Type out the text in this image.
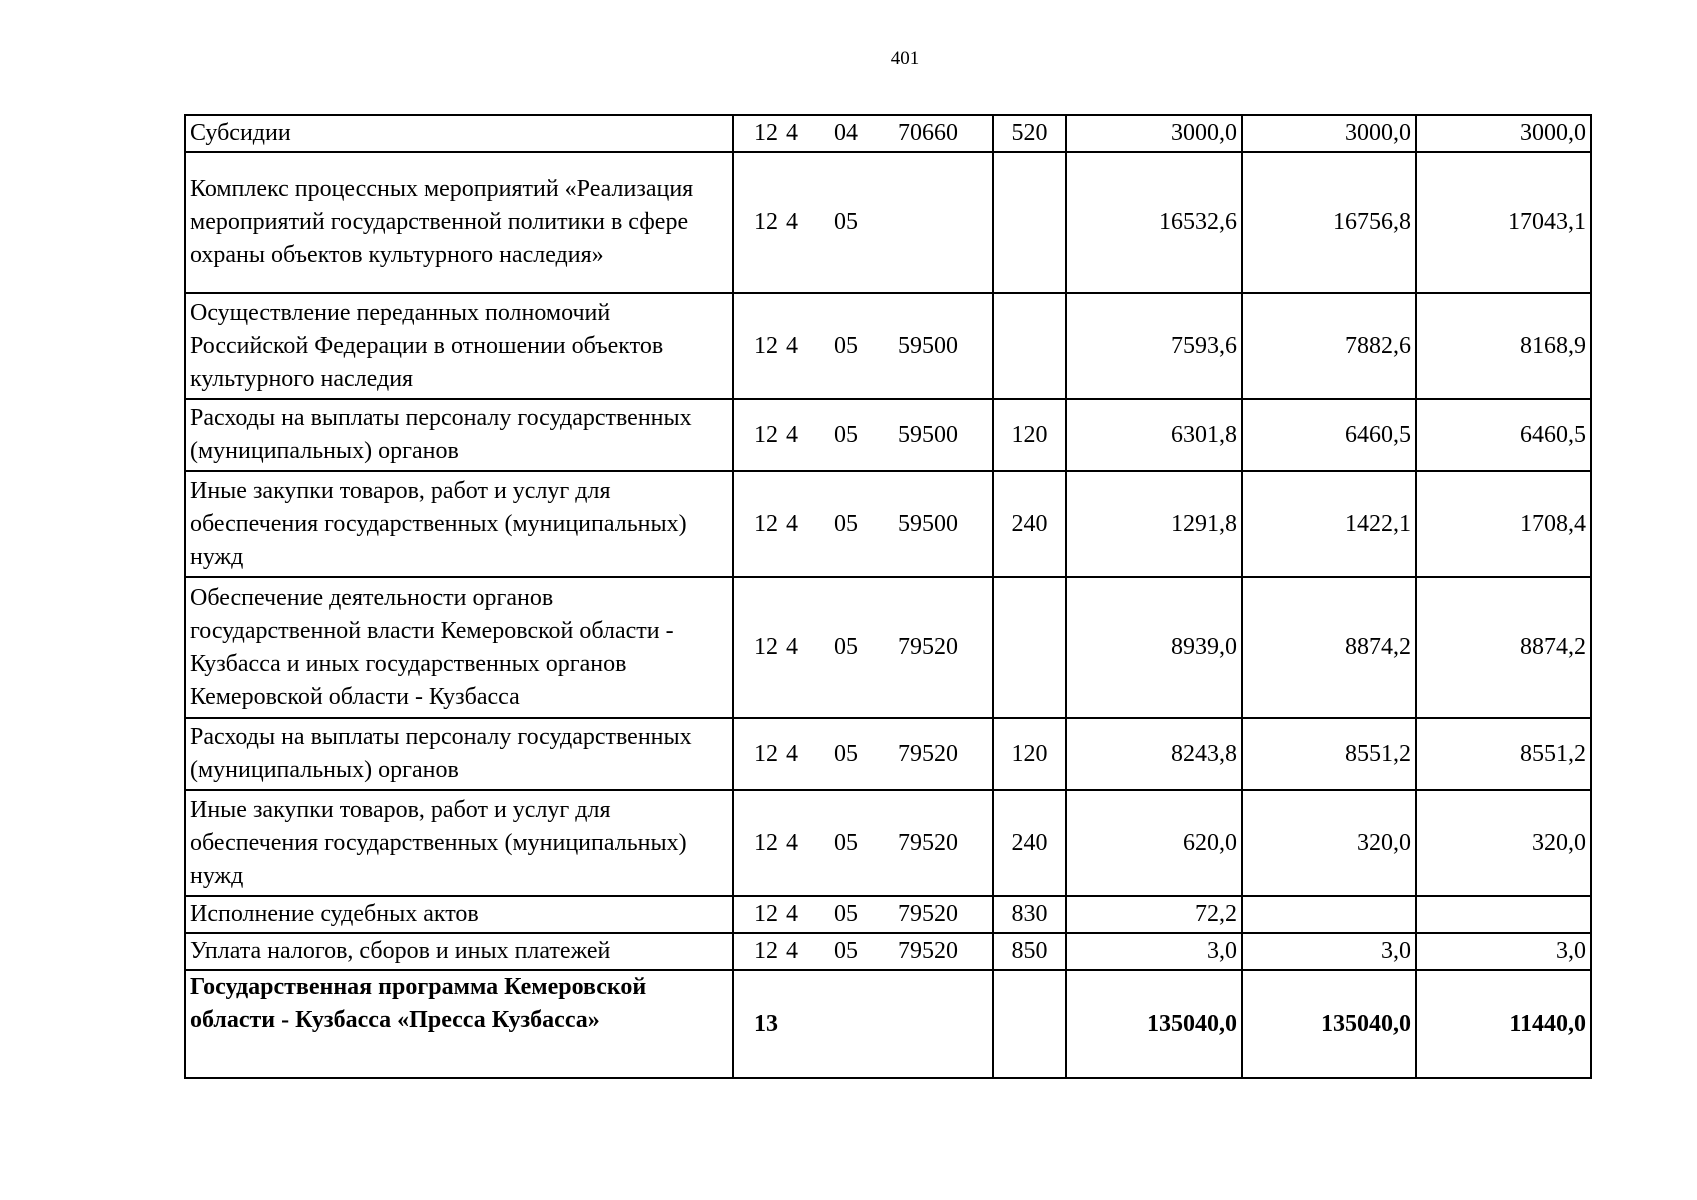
401
Субсидии	12 4 04 70660	520	3000,0	3000,0	3000,0
Комплекс процессных мероприятий «Реализация мероприятий государственной политики в сфере охраны объектов культурного наследия»	12 4 05		16532,6	16756,8	17043,1
Осуществление переданных полномочий Российской Федерации в отношении объектов культурного наследия	12 4 05 59500		7593,6	7882,6	8168,9
Расходы на выплаты персоналу государственных (муниципальных) органов	12 4 05 59500	120	6301,8	6460,5	6460,5
Иные закупки товаров, работ и услуг для обеспечения государственных (муниципальных) нужд	12 4 05 59500	240	1291,8	1422,1	1708,4
Обеспечение деятельности органов государственной власти Кемеровской области - Кузбасса и иных государственных органов Кемеровской области - Кузбасса	12 4 05 79520		8939,0	8874,2	8874,2
Расходы на выплаты персоналу государственных (муниципальных) органов	12 4 05 79520	120	8243,8	8551,2	8551,2
Иные закупки товаров, работ и услуг для обеспечения государственных (муниципальных) нужд	12 4 05 79520	240	620,0	320,0	320,0
Исполнение судебных актов	12 4 05 79520	830	72,2		
Уплата налогов, сборов и иных платежей	12 4 05 79520	850	3,0	3,0	3,0
Государственная программа Кемеровской области - Кузбасса «Пресса Кузбасса»	13		135040,0	135040,0	11440,0
